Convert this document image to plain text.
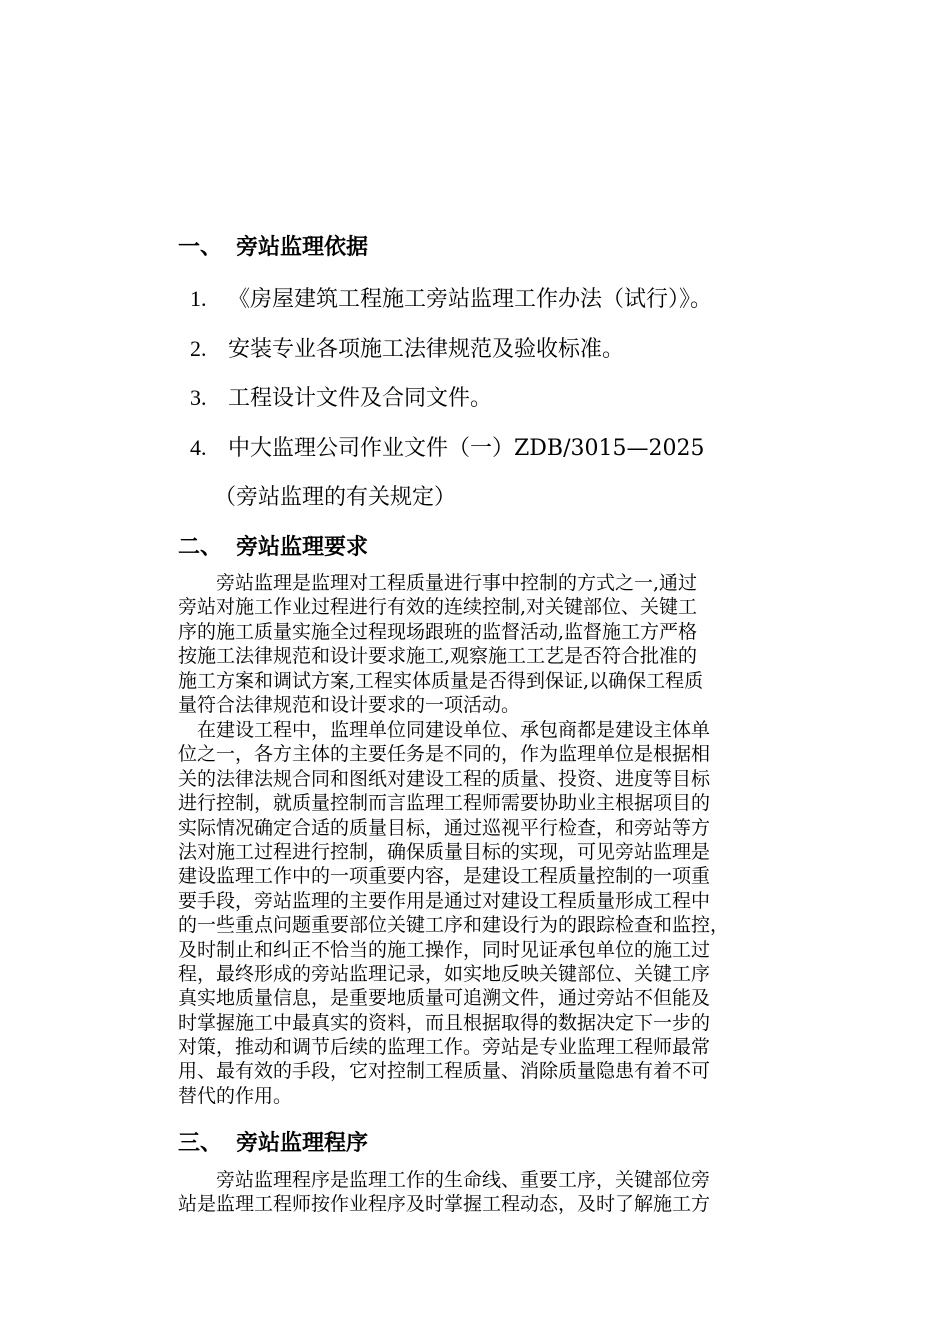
一、 旁站监理依据
1. 《房屋建筑工程施工旁站监理工作办法（试行）》。
2. 安装专业各项施工法律规范及验收标准。
3. 工程设计文件及合同文件。
4. 中大监理公司作业文件（一）ZDB/3015—2025
（旁站监理的有关规定）
二、 旁站监理要求
　　旁站监理是监理对工程质量进行事中控制的方式之一,通过
旁站对施工作业过程进行有效的连续控制,对关键部位、关键工
序的施工质量实施全过程现场跟班的监督活动,监督施工方严格
按施工法律规范和设计要求施工,观察施工工艺是否符合批准的
施工方案和调试方案,工程实体质量是否得到保证,以确保工程质
量符合法律规范和设计要求的一项活动。
　在建设工程中，监理单位同建设单位、承包商都是建设主体单
位之一，各方主体的主要任务是不同的，作为监理单位是根据相
关的法律法规合同和图纸对建设工程的质量、投资、进度等目标
进行控制，就质量控制而言监理工程师需要协助业主根据项目的
实际情况确定合适的质量目标，通过巡视平行检查，和旁站等方
法对施工过程进行控制，确保质量目标的实现，可见旁站监理是
建设监理工作中的一项重要内容，是建设工程质量控制的一项重
要手段，旁站监理的主要作用是通过对建设工程质量形成工程中
的一些重点问题重要部位关键工序和建设行为的跟踪检查和监控，
及时制止和纠正不恰当的施工操作，同时见证承包单位的施工过
程，最终形成的旁站监理记录，如实地反映关键部位、关键工序
真实地质量信息，是重要地质量可追溯文件，通过旁站不但能及
时掌握施工中最真实的资料，而且根据取得的数据决定下一步的
对策，推动和调节后续的监理工作。旁站是专业监理工程师最常
用、最有效的手段，它对控制工程质量、消除质量隐患有着不可
替代的作用。
三、 旁站监理程序
　　旁站监理程序是监理工作的生命线、重要工序，关键部位旁
站是监理工程师按作业程序及时掌握工程动态，及时了解施工方
